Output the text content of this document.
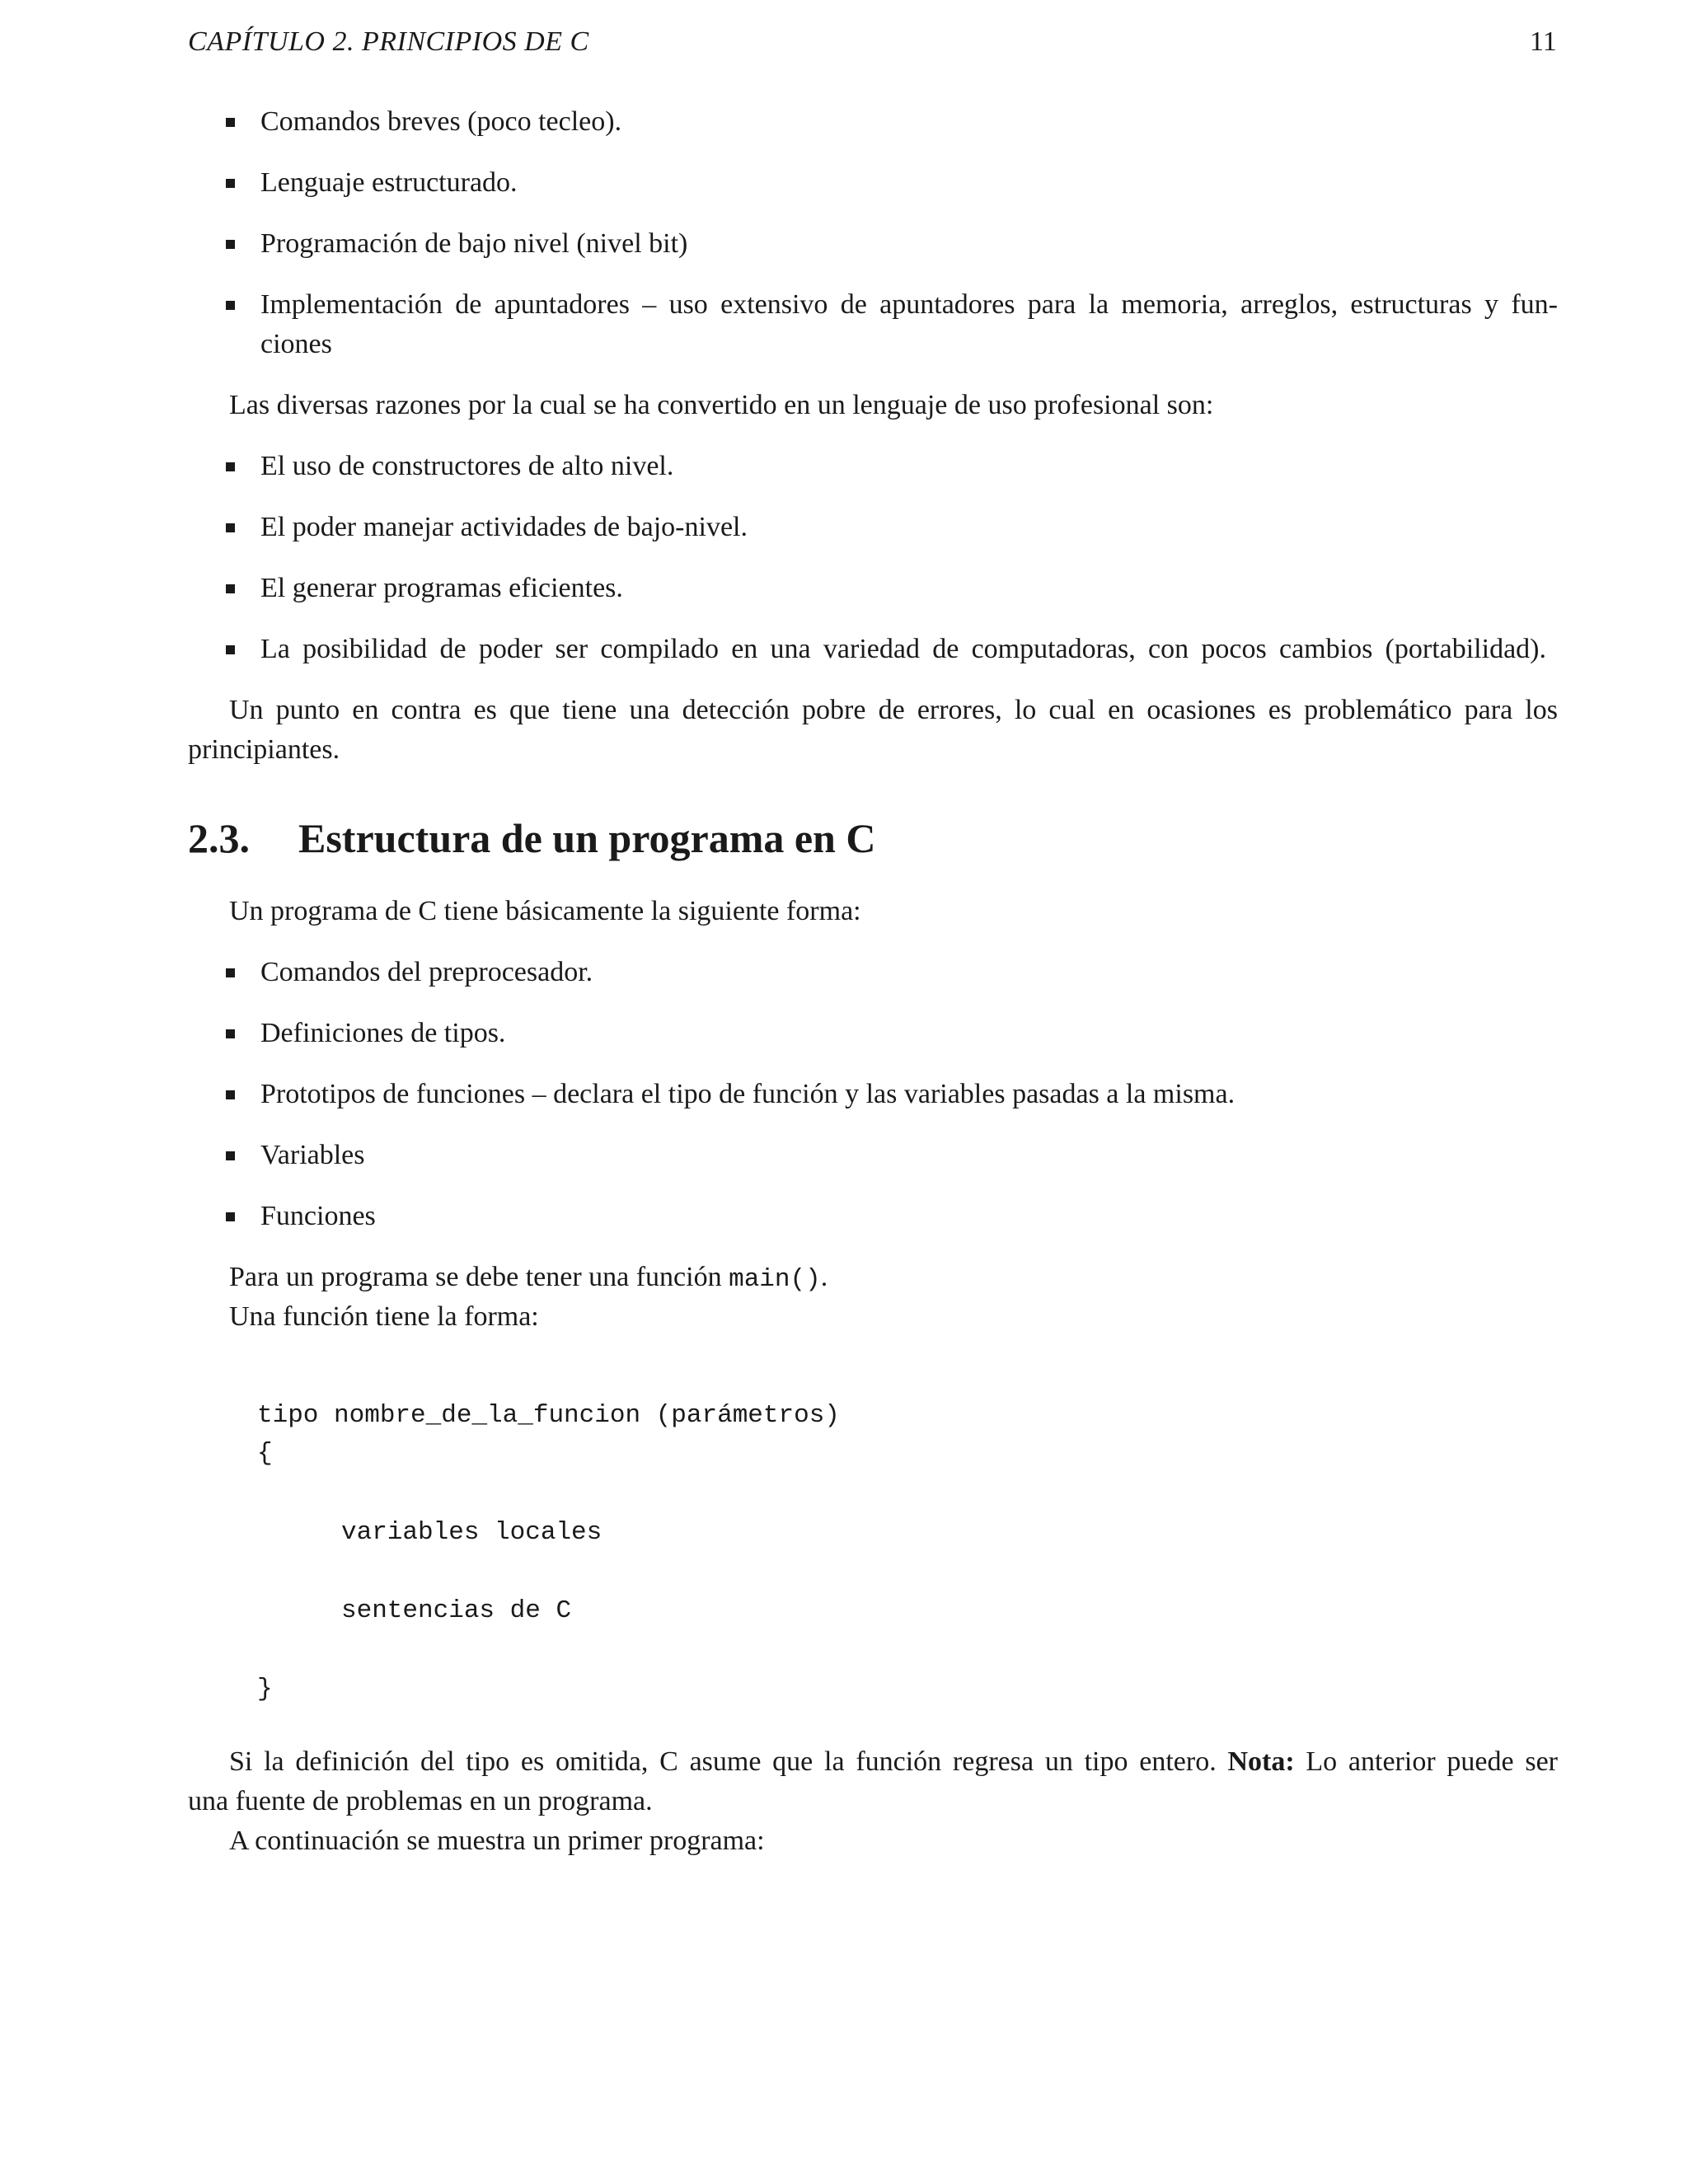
CAPÍTULO 2. PRINCIPIOS DE C	11
Comandos breves (poco tecleo).
Lenguaje estructurado.
Programación de bajo nivel (nivel bit)
Implementación de apuntadores – uso extensivo de apuntadores para la memoria, arreglos, estructuras y fun-
ciones
Las diversas razones por la cual se ha convertido en un lenguaje de uso profesional son:
El uso de constructores de alto nivel.
El poder manejar actividades de bajo-nivel.
El generar programas eficientes.
La posibilidad de poder ser compilado en una variedad de computadoras, con pocos cambios (portabilidad).
Un punto en contra es que tiene una detección pobre de errores, lo cual en ocasiones es problemático para los
principiantes.
2.3. Estructura de un programa en C
Un programa de C tiene básicamente la siguiente forma:
Comandos del preprocesador.
Definiciones de tipos.
Prototipos de funciones – declara el tipo de función y las variables pasadas a la misma.
Variables
Funciones
Para un programa se debe tener una función main().
Una función tiene la forma:
tipo nombre_de_la_funcion (parámetros)
{
variables locales
sentencias de C
}
Si la definición del tipo es omitida, C asume que la función regresa un tipo entero. Nota: Lo anterior puede ser
una fuente de problemas en un programa.
A continuación se muestra un primer programa:
